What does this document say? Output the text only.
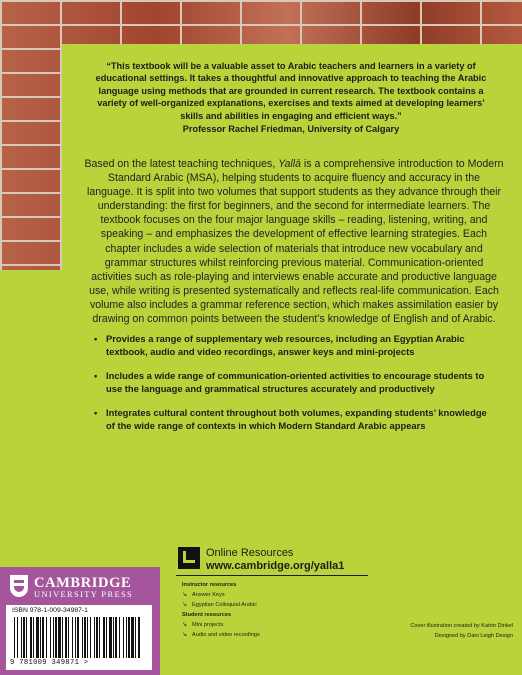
“This textbook will be a valuable asset to Arabic teachers and learners in a variety of educational settings. It takes a thoughtful and innovative approach to teaching the Arabic language using methods that are grounded in current research. The textbook contains a variety of well-organized explanations, exercises and texts aimed at developing learners’ skills and abilities in engaging and efficient ways.”
Professor Rachel Friedman, University of Calgary
Based on the latest teaching techniques, Yallā is a comprehensive introduction to Modern Standard Arabic (MSA), helping students to acquire fluency and accuracy in the language. It is split into two volumes that support students as they advance through their understanding: the first for beginners, and the second for intermediate learners. The textbook focuses on the four major language skills – reading, listening, writing, and speaking – and emphasizes the development of effective learning strategies. Each chapter includes a wide selection of materials that introduce new vocabulary and grammar structures whilst reinforcing previous material. Communication-oriented activities such as role-playing and interviews enable accurate and productive language use, while writing is presented systematically and reflects real-life communication. Each volume also includes a grammar reference section, which makes assimilation easier by drawing on common points between the student’s knowledge of English and of Arabic.
• Provides a range of supplementary web resources, including an Egyptian Arabic textbook, audio and video recordings, answer keys and mini-projects
• Includes a wide range of communication-oriented activities to encourage students to use the language and grammatical structures accurately and productively
• Integrates cultural content throughout both volumes, expanding students’ knowledge of the wide range of contexts in which Modern Standard Arabic appears
CAMBRIDGE
UNIVERSITY PRESS
ISBN 978-1-009-34987-1
9 781009 349871 >
Online Resources
www.cambridge.org/yalla1
Instructor resources
↘ Answer Keys
↘ Egyptian Colloquial Arabic
Student resources
↘ Mini projects
↘ Audio and video recordings
Cover illustration created by Katrin Dinkel
Designed by Dani Leigh Design
